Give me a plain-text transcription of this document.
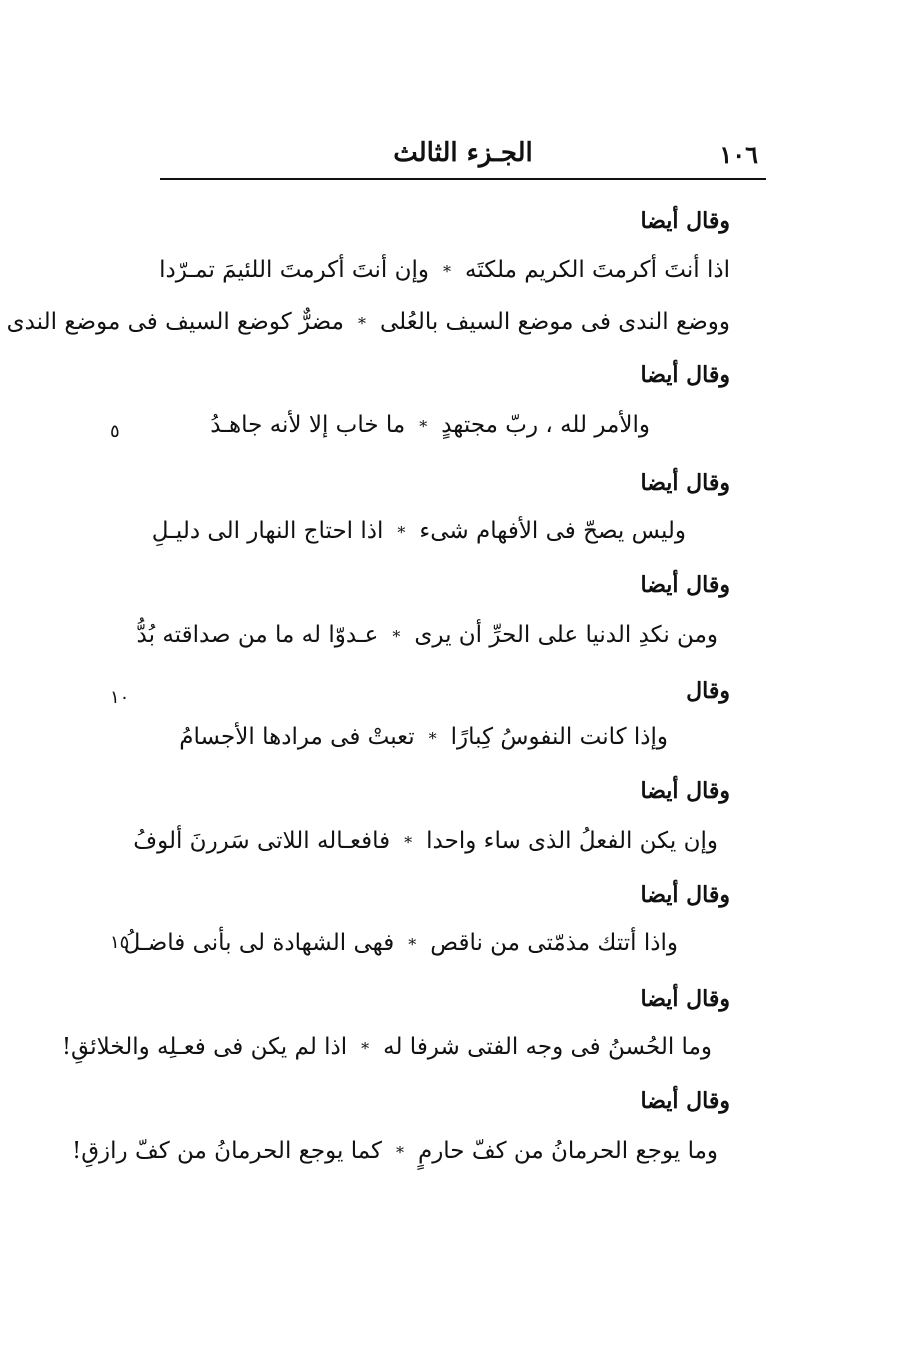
١٠٦
الجـزء الثالث
وقال أيضا
اذا أنتَ أكرمتَ الكريم ملكتَه*وإن أنتَ أكرمتَ اللئيمَ تمـرّدا
ووضع الندى فى موضع السيف بالعُلى*مضرٌّ كوضع السيف فى موضع الندى
وقال أيضا
والأمر لله ، ربّ مجتهدٍ*ما خاب إلا لأنه جاهـدُ
٥
وقال أيضا
وليس يصحّ فى الأفهام شىء*اذا احتاج النهار الى دليـلِ
وقال أيضا
ومن نكدِ الدنيا على الحرِّ أن يرى*عـدوّا له ما من صداقته بُدُّ
وقال
١٠
وإذا كانت النفوسُ كِبارًا*تعبتْ فى مرادها الأجسامُ
وقال أيضا
وإن يكن الفعلُ الذى ساء واحدا*فافعـاله اللاتى سَررنَ ألوفُ
وقال أيضا
واذا أتتك مذمّتى من ناقص*فهى الشهادة لى بأنى فاضـلُ
١٥
وقال أيضا
وما الحُسنُ فى وجه الفتى شرفا له*اذا لم يكن فى فعـلِه والخلائقِ!
وقال أيضا
وما يوجع الحرمانُ من كفّ حارمٍ*كما يوجع الحرمانُ من كفّ رازقِ!
